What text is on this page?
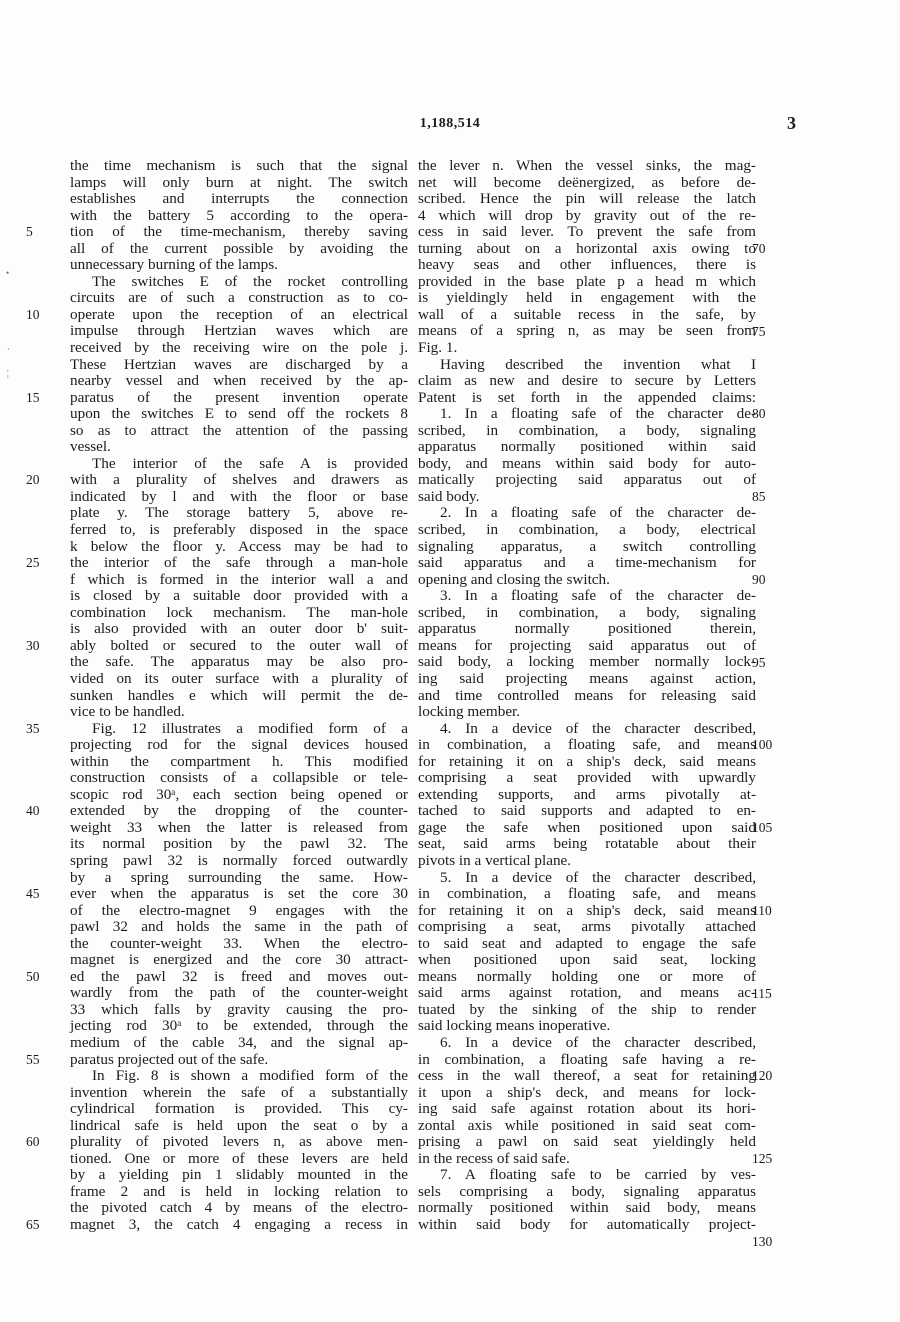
1,188,514	3
the time mechanism is such that the signal
lamps will only burn at night. The switch
establishes and interrupts the connection
with the battery 5 according to the opera-
tion of the time-mechanism, thereby saving
all of the current possible by avoiding the
unnecessary burning of the lamps.
The switches E of the rocket controlling
circuits are of such a construction as to co-
operate upon the reception of an electrical
impulse through Hertzian waves which are
received by the receiving wire on the pole j.
These Hertzian waves are discharged by a
nearby vessel and when received by the ap-
paratus of the present invention operate
upon the switches E to send off the rockets 8
so as to attract the attention of the passing
vessel.
The interior of the safe A is provided
with a plurality of shelves and drawers as
indicated by l and with the floor or base
plate y. The storage battery 5, above re-
ferred to, is preferably disposed in the space
k below the floor y. Access may be had to
the interior of the safe through a man-hole
f which is formed in the interior wall a and
is closed by a suitable door provided with a
combination lock mechanism. The man-hole
is also provided with an outer door b' suit-
ably bolted or secured to the outer wall of
the safe. The apparatus may be also pro-
vided on its outer surface with a plurality of
sunken handles e which will permit the de-
vice to be handled.
Fig. 12 illustrates a modified form of a
projecting rod for the signal devices housed
within the compartment h. This modified
construction consists of a collapsible or tele-
scopic rod 30ᵃ, each section being opened or
extended by the dropping of the counter-
weight 33 when the latter is released from
its normal position by the pawl 32. The
spring pawl 32 is normally forced outwardly
by a spring surrounding the same. How-
ever when the apparatus is set the core 30
of the electro-magnet 9 engages with the
pawl 32 and holds the same in the path of
the counter-weight 33. When the electro-
magnet is energized and the core 30 attract-
ed the pawl 32 is freed and moves out-
wardly from the path of the counter-weight
33 which falls by gravity causing the pro-
jecting rod 30ᵃ to be extended, through the
medium of the cable 34, and the signal ap-
paratus projected out of the safe.
In Fig. 8 is shown a modified form of the
invention wherein the safe of a substantially
cylindrical formation is provided. This cy-
lindrical safe is held upon the seat o by a
plurality of pivoted levers n, as above men-
tioned. One or more of these levers are held
by a yielding pin 1 slidably mounted in the
frame 2 and is held in locking relation to
the pivoted catch 4 by means of the electro-
magnet 3, the catch 4 engaging a recess in
the lever n. When the vessel sinks, the mag-
net will become deënergized, as before de-
scribed. Hence the pin will release the latch
4 which will drop by gravity out of the re-
cess in said lever. To prevent the safe from
turning about on a horizontal axis owing to
heavy seas and other influences, there is
provided in the base plate p a head m which
is yieldingly held in engagement with the
wall of a suitable recess in the safe, by
means of a spring n, as may be seen from
Fig. 1.
Having described the invention what I
claim as new and desire to secure by Letters
Patent is set forth in the appended claims:
1. In a floating safe of the character de-
scribed, in combination, a body, signaling
apparatus normally positioned within said
body, and means within said body for auto-
matically projecting said apparatus out of
said body.
2. In a floating safe of the character de-
scribed, in combination, a body, electrical
signaling apparatus, a switch controlling
said apparatus and a time-mechanism for
opening and closing the switch.
3. In a floating safe of the character de-
scribed, in combination, a body, signaling
apparatus normally positioned therein,
means for projecting said apparatus out of
said body, a locking member normally lock-
ing said projecting means against action,
and time controlled means for releasing said
locking member.
4. In a device of the character described,
in combination, a floating safe, and means
for retaining it on a ship's deck, said means
comprising a seat provided with upwardly
extending supports, and arms pivotally at-
tached to said supports and adapted to en-
gage the safe when positioned upon said
seat, said arms being rotatable about their
pivots in a vertical plane.
5. In a device of the character described,
in combination, a floating safe, and means
for retaining it on a ship's deck, said means
comprising a seat, arms pivotally attached
to said seat and adapted to engage the safe
when positioned upon said seat, locking
means normally holding one or more of
said arms against rotation, and means ac-
tuated by the sinking of the ship to render
said locking means inoperative.
6. In a device of the character described,
in combination, a floating safe having a re-
cess in the wall thereof, a seat for retaining
it upon a ship's deck, and means for lock-
ing said safe against rotation about its hori-
zontal axis while positioned in said seat com-
prising a pawl on said seat yieldingly held
in the recess of said safe.
7. A floating safe to be carried by ves-
sels comprising a body, signaling apparatus
normally positioned within said body, means
within said body for automatically project-
5
10
15
20
25
30
35
40
45
50
55
60
65
70
75
80
85
90
95
100
105
110
115
120
125
130
•
·
¦
